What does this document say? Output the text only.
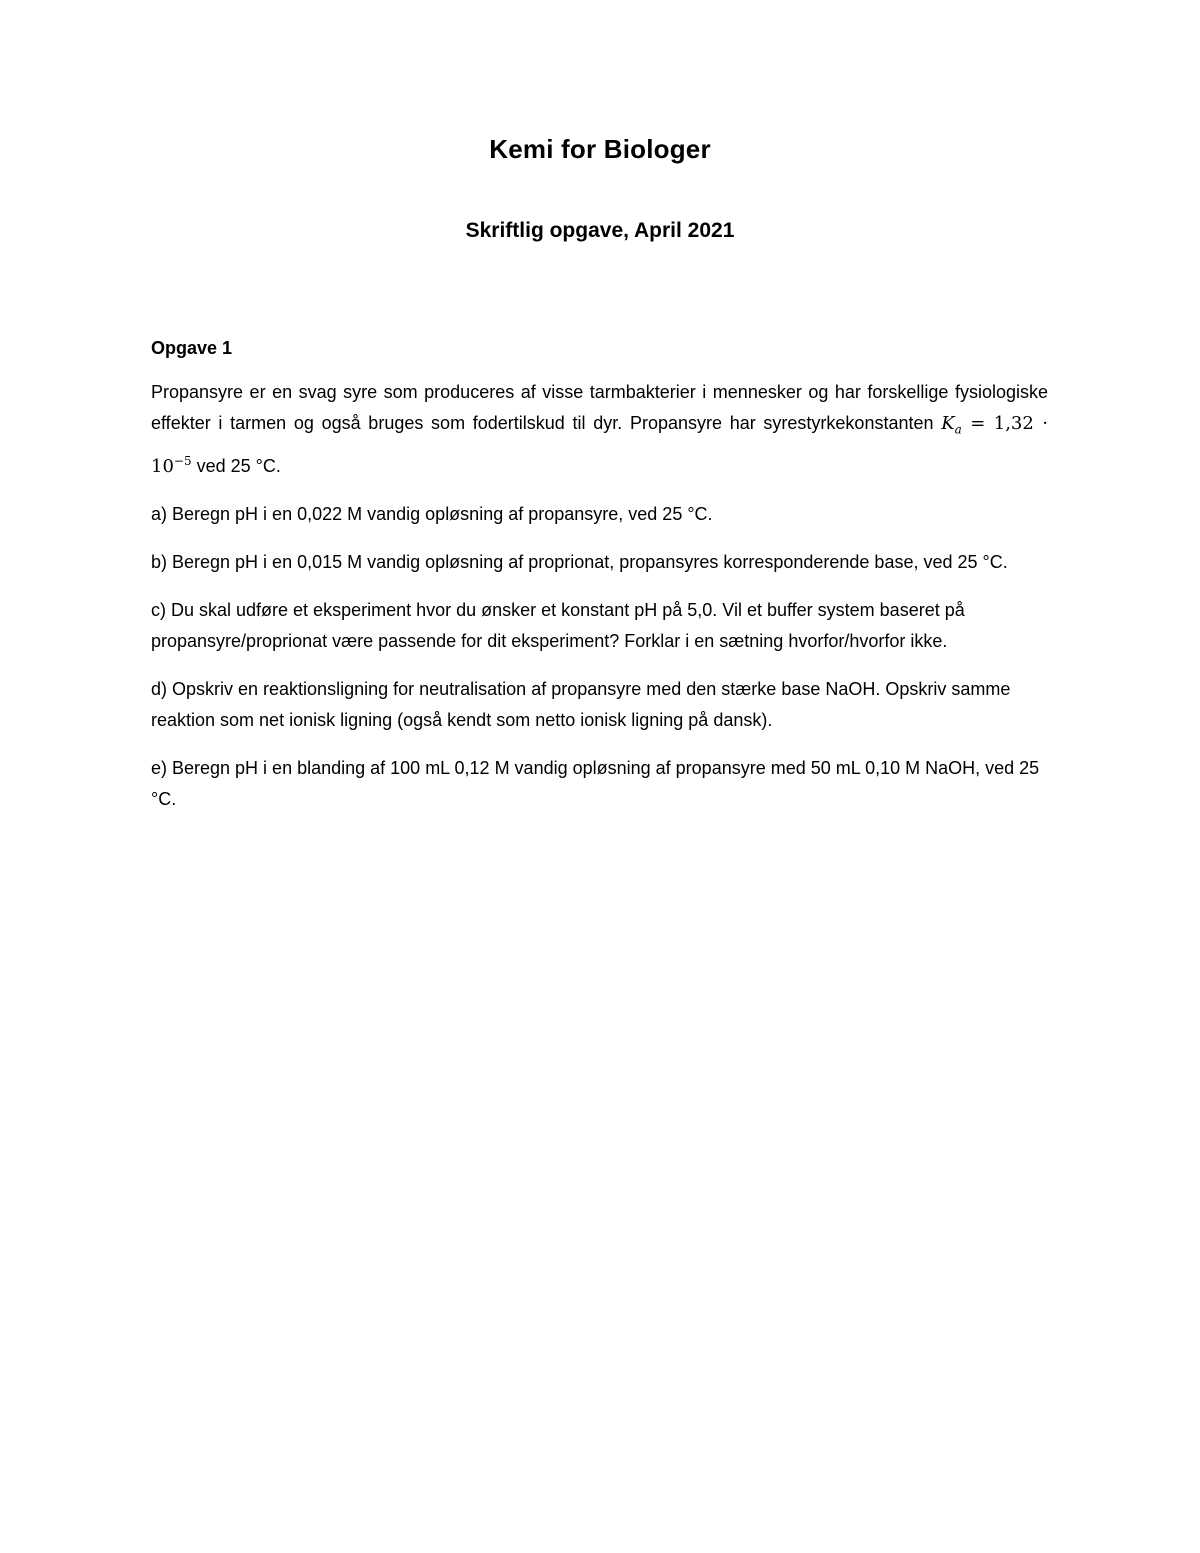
Kemi for Biologer
Skriftlig opgave, April 2021
Opgave 1
Propansyre er en svag syre som produceres af visse tarmbakterier i mennesker og har forskellige fysiologiske effekter i tarmen og også bruges som fodertilskud til dyr. Propansyre har syrestyrkekonstanten $K_a = 1,32 \cdot 10^{-5}$ ved 25 °C.
a) Beregn pH i en 0,022 M vandig opløsning af propansyre, ved 25 °C.
b) Beregn pH i en 0,015 M vandig opløsning af proprionat, propansyres korresponderende base, ved 25 °C.
c) Du skal udføre et eksperiment hvor du ønsker et konstant pH på 5,0. Vil et buffer system baseret på propansyre/proprionat være passende for dit eksperiment? Forklar i en sætning hvorfor/hvorfor ikke.
d) Opskriv en reaktionsligning for neutralisation af propansyre med den stærke base NaOH. Opskriv samme reaktion som net ionisk ligning (også kendt som netto ionisk ligning på dansk).
e) Beregn pH i en blanding af 100 mL 0,12 M vandig opløsning af propansyre med 50 mL 0,10 M NaOH, ved 25 °C.
